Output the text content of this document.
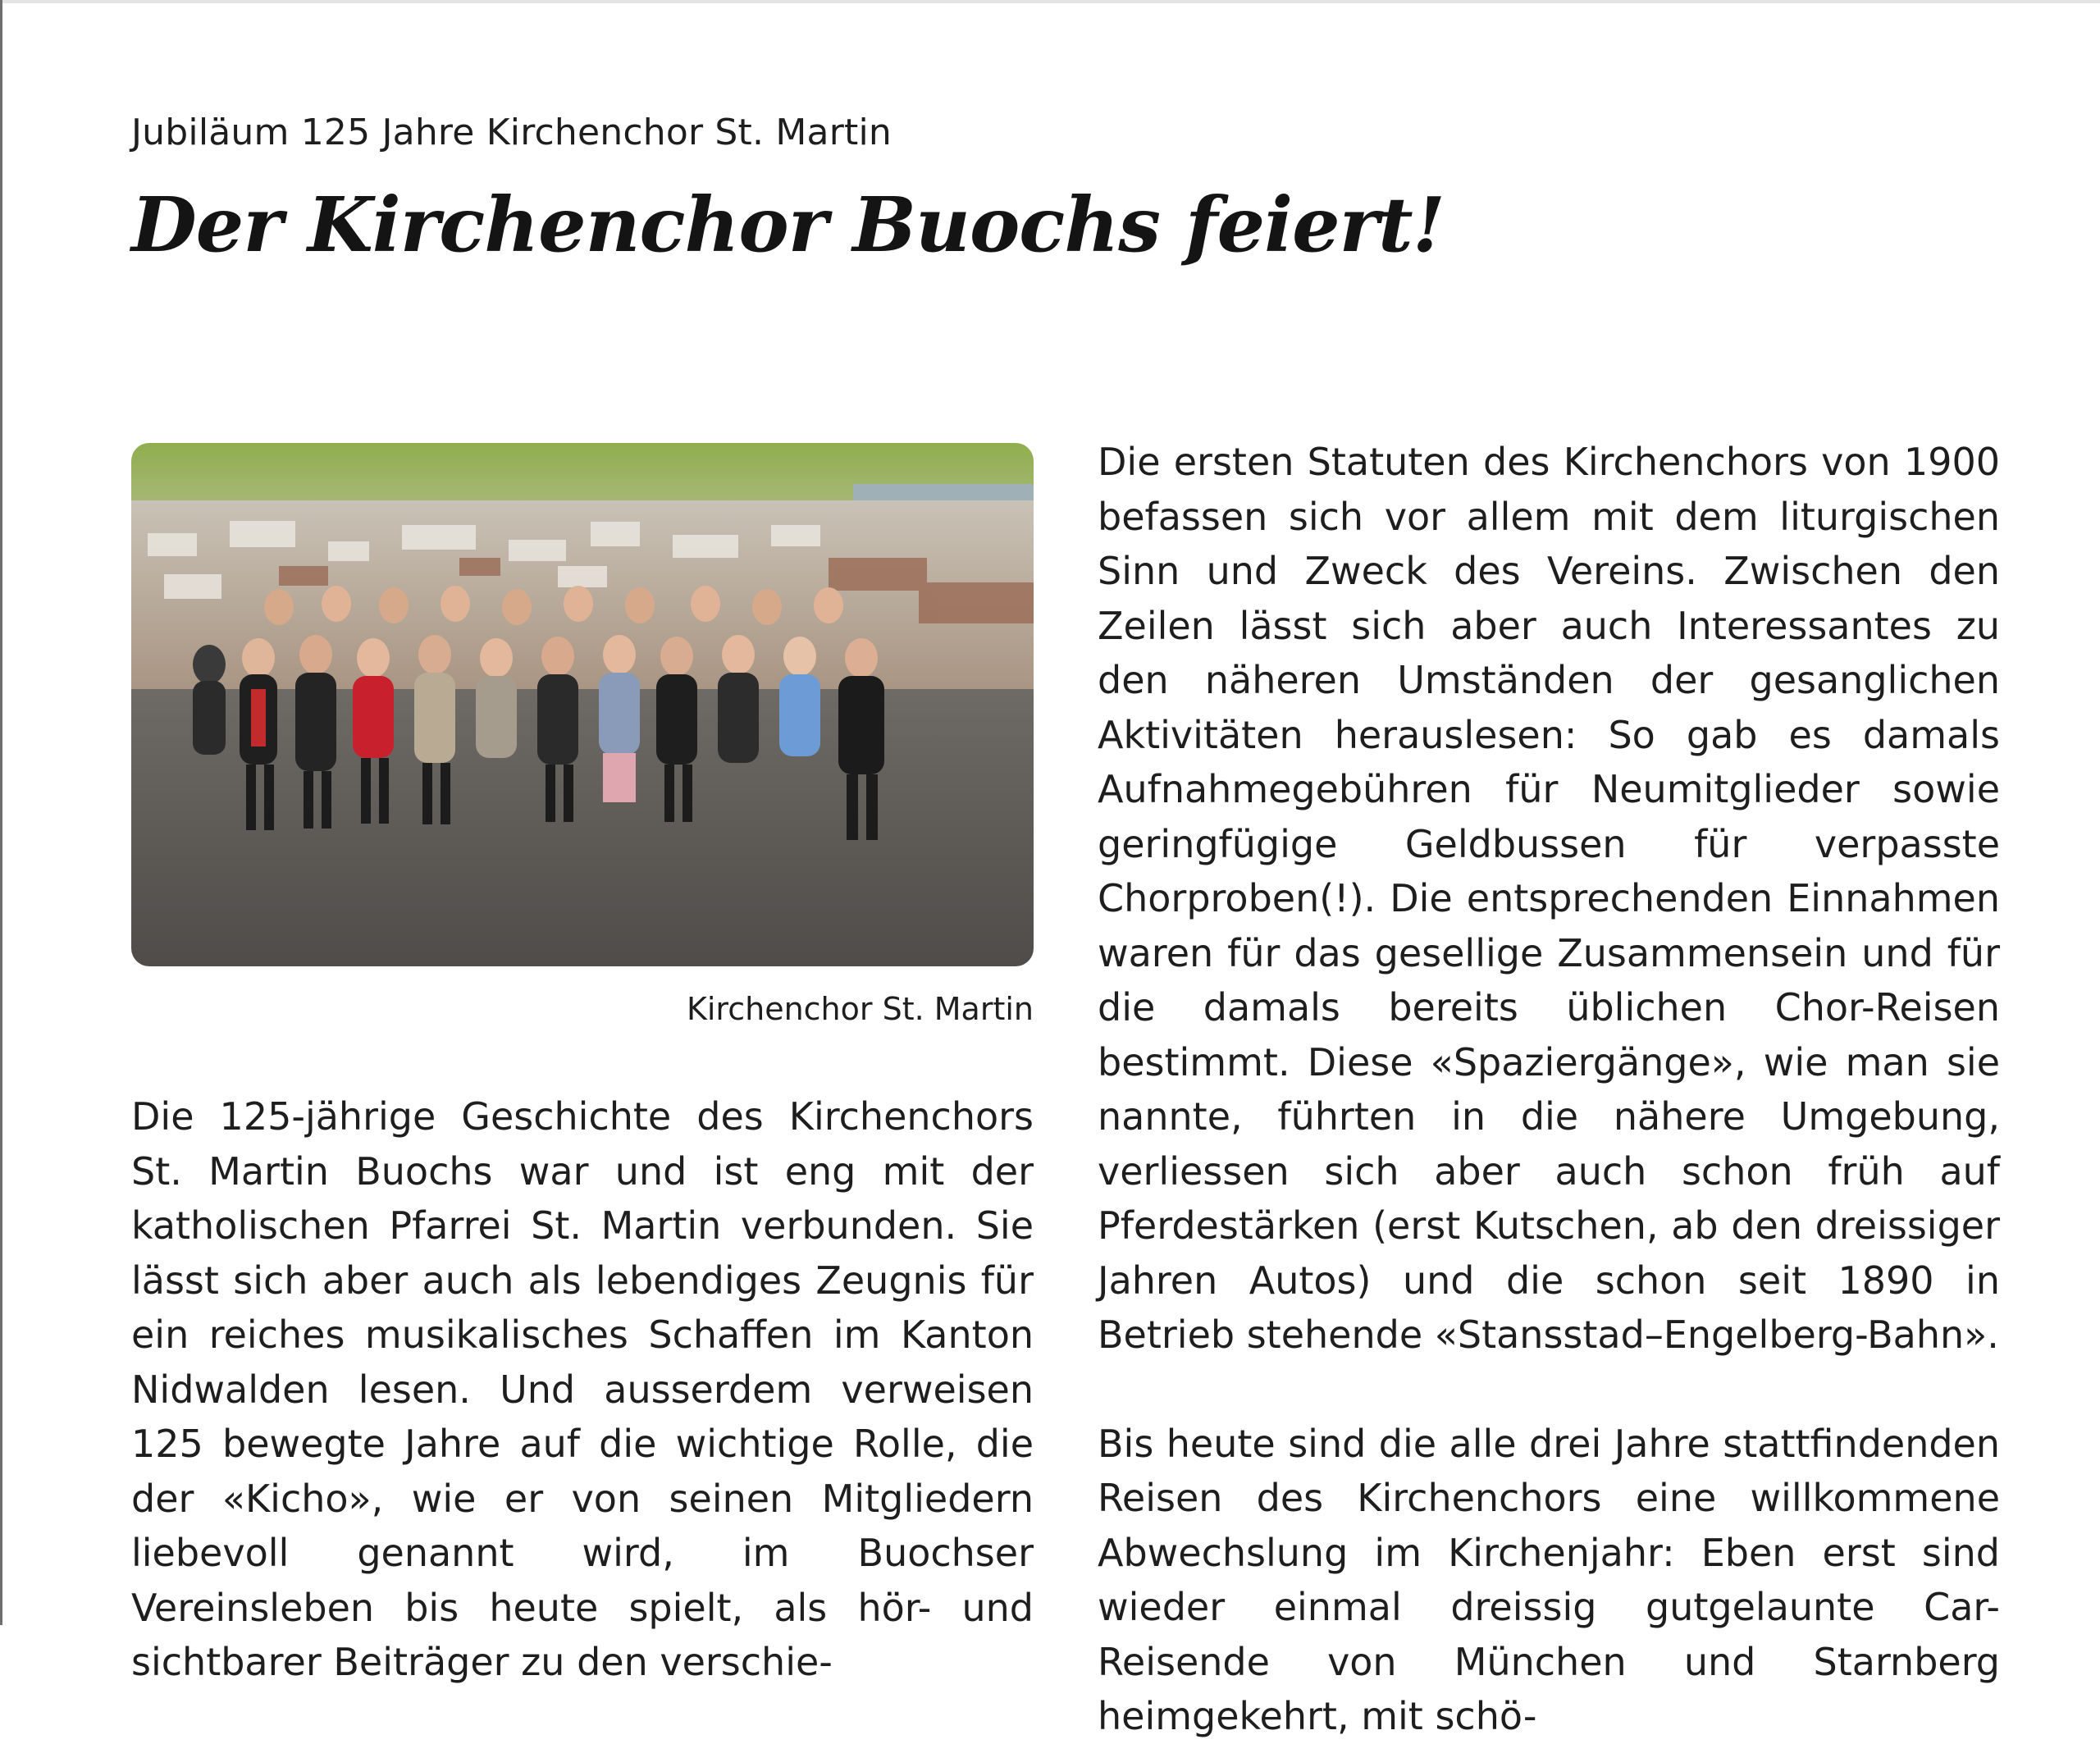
Jubiläum 125 Jahre Kirchenchor St. Martin
Der Kirchenchor Buochs feiert!
Kirchenchor St. Martin

Die 125-jährige Geschichte des Kirchenchors St. Martin Buochs war und ist eng mit der katholischen Pfarrei St. Martin verbunden. Sie lässt sich aber auch als lebendiges Zeugnis für ein reiches musikalisches Schaffen im Kanton Nidwalden lesen. Und ausserdem verweisen 125 bewegte Jahre auf die wichtige Rolle, die der «Kicho», wie er von seinen Mitgliedern liebevoll genannt wird, im Buochser Vereinsleben bis heute spielt, als hör- und sichtbarer Beiträger zu den verschie-

Die ersten Statuten des Kirchenchors von 1900 befassen sich vor allem mit dem liturgischen Sinn und Zweck des Vereins. Zwischen den Zeilen lässt sich aber auch Interessantes zu den näheren Umständen der gesanglichen Aktivitäten herauslesen: So gab es damals Aufnahmegebühren für Neumitglieder sowie geringfügige Geldbussen für verpasste Chorproben(!). Die entsprechenden Einnahmen waren für das gesellige Zusammensein und für die damals bereits üblichen Chor-Reisen bestimmt. Diese «Spaziergänge», wie man sie nannte, führten in die nähere Umgebung, verliessen sich aber auch schon früh auf Pferdestärken (erst Kutschen, ab den dreissiger Jahren Autos) und die schon seit 1890 in Betrieb stehende «Stansstad–Engelberg-Bahn».

Bis heute sind die alle drei Jahre stattfindenden Reisen des Kirchenchors eine willkommene Abwechslung im Kirchenjahr: Eben erst sind wieder einmal dreissig gutgelaunte Car-Reisende von München und Starnberg heimgekehrt, mit schö-
